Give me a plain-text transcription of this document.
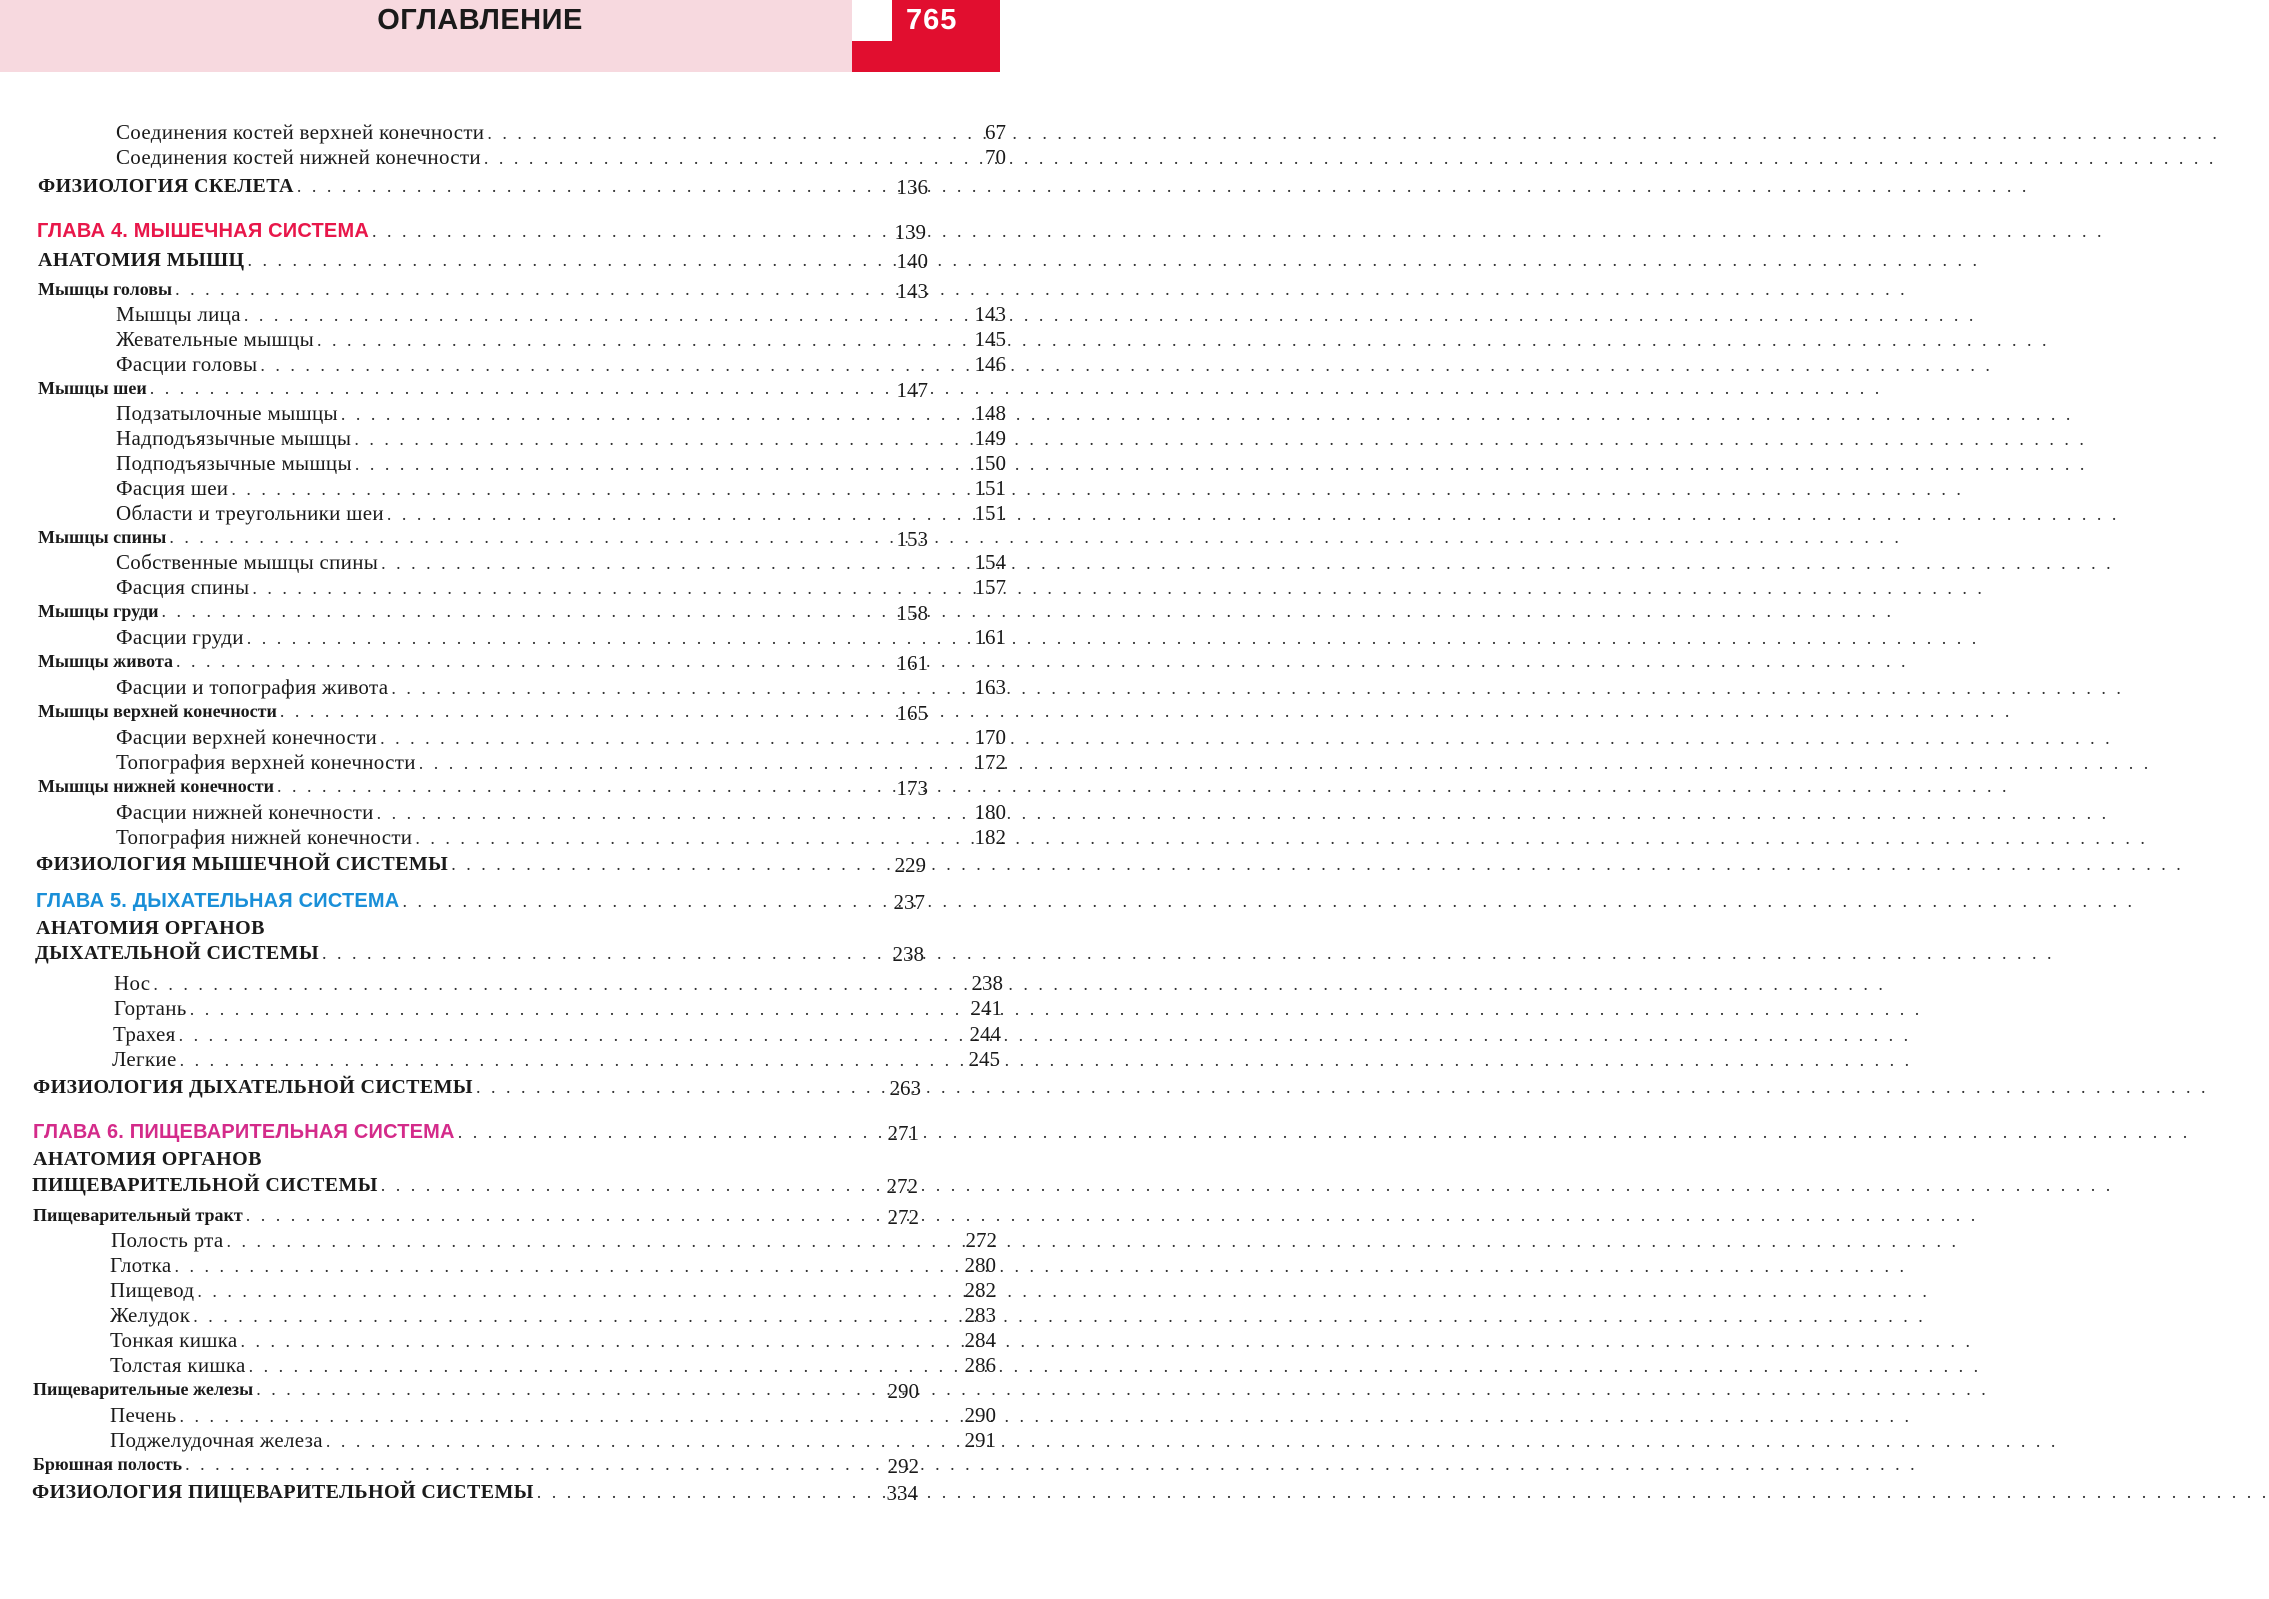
ОГЛАВЛЕНИЕ	765
Соединения костей верхней конечности . . .	67
Соединения костей нижней конечности . . .	70
ФИЗИОЛОГИЯ СКЕЛЕТА . . .	136
ГЛАВА 4. МЫШЕЧНАЯ СИСТЕМА . . .	139
АНАТОМИЯ МЫШЦ . . .	140
Мышцы головы . . .	143
Мышцы лица . . .	143
Жевательные мышцы . . .	145
Фасции головы . . .	146
Мышцы шеи . . .	147
Подзатылочные мышцы . . .	148
Надподъязычные мышцы . . .	149
Подподъязычные мышцы . . .	150
Фасция шеи . . .	151
Области и треугольники шеи . . .	151
Мышцы спины . . .	153
Собственные мышцы спины . . .	154
Фасция спины . . .	157
Мышцы груди . . .	158
Фасции груди . . .	161
Мышцы живота . . .	161
Фасции и топография живота . . .	163
Мышцы верхней конечности . . .	165
Фасции верхней конечности . . .	170
Топография верхней конечности . . .	172
Мышцы нижней конечности . . .	173
Фасции нижней конечности . . .	180
Топография нижней конечности . . .	182
ФИЗИОЛОГИЯ МЫШЕЧНОЙ СИСТЕМЫ . . .	229
ГЛАВА 5. ДЫХАТЕЛЬНАЯ СИСТЕМА . . .	237
АНАТОМИЯ ОРГАНОВ
ДЫХАТЕЛЬНОЙ СИСТЕМЫ . . .	238
Нос . . .	238
Гортань . . .	241
Трахея . . .	244
Легкие . . .	245
ФИЗИОЛОГИЯ ДЫХАТЕЛЬНОЙ СИСТЕМЫ . . .	263
ГЛАВА 6. ПИЩЕВАРИТЕЛЬНАЯ СИСТЕМА . . .	271
АНАТОМИЯ ОРГАНОВ
ПИЩЕВАРИТЕЛЬНОЙ СИСТЕМЫ . . .	272
Пищеварительный тракт . . .	272
Полость рта . . .	272
Глотка . . .	280
Пищевод . . .	282
Желудок . . .	283
Тонкая кишка . . .	284
Толстая кишка . . .	286
Пищеварительные железы . . .	290
Печень . . .	290
Поджелудочная железа . . .	291
Брюшная полость . . .	292
ФИЗИОЛОГИЯ ПИЩЕВАРИТЕЛЬНОЙ СИСТЕМЫ . . .	334
